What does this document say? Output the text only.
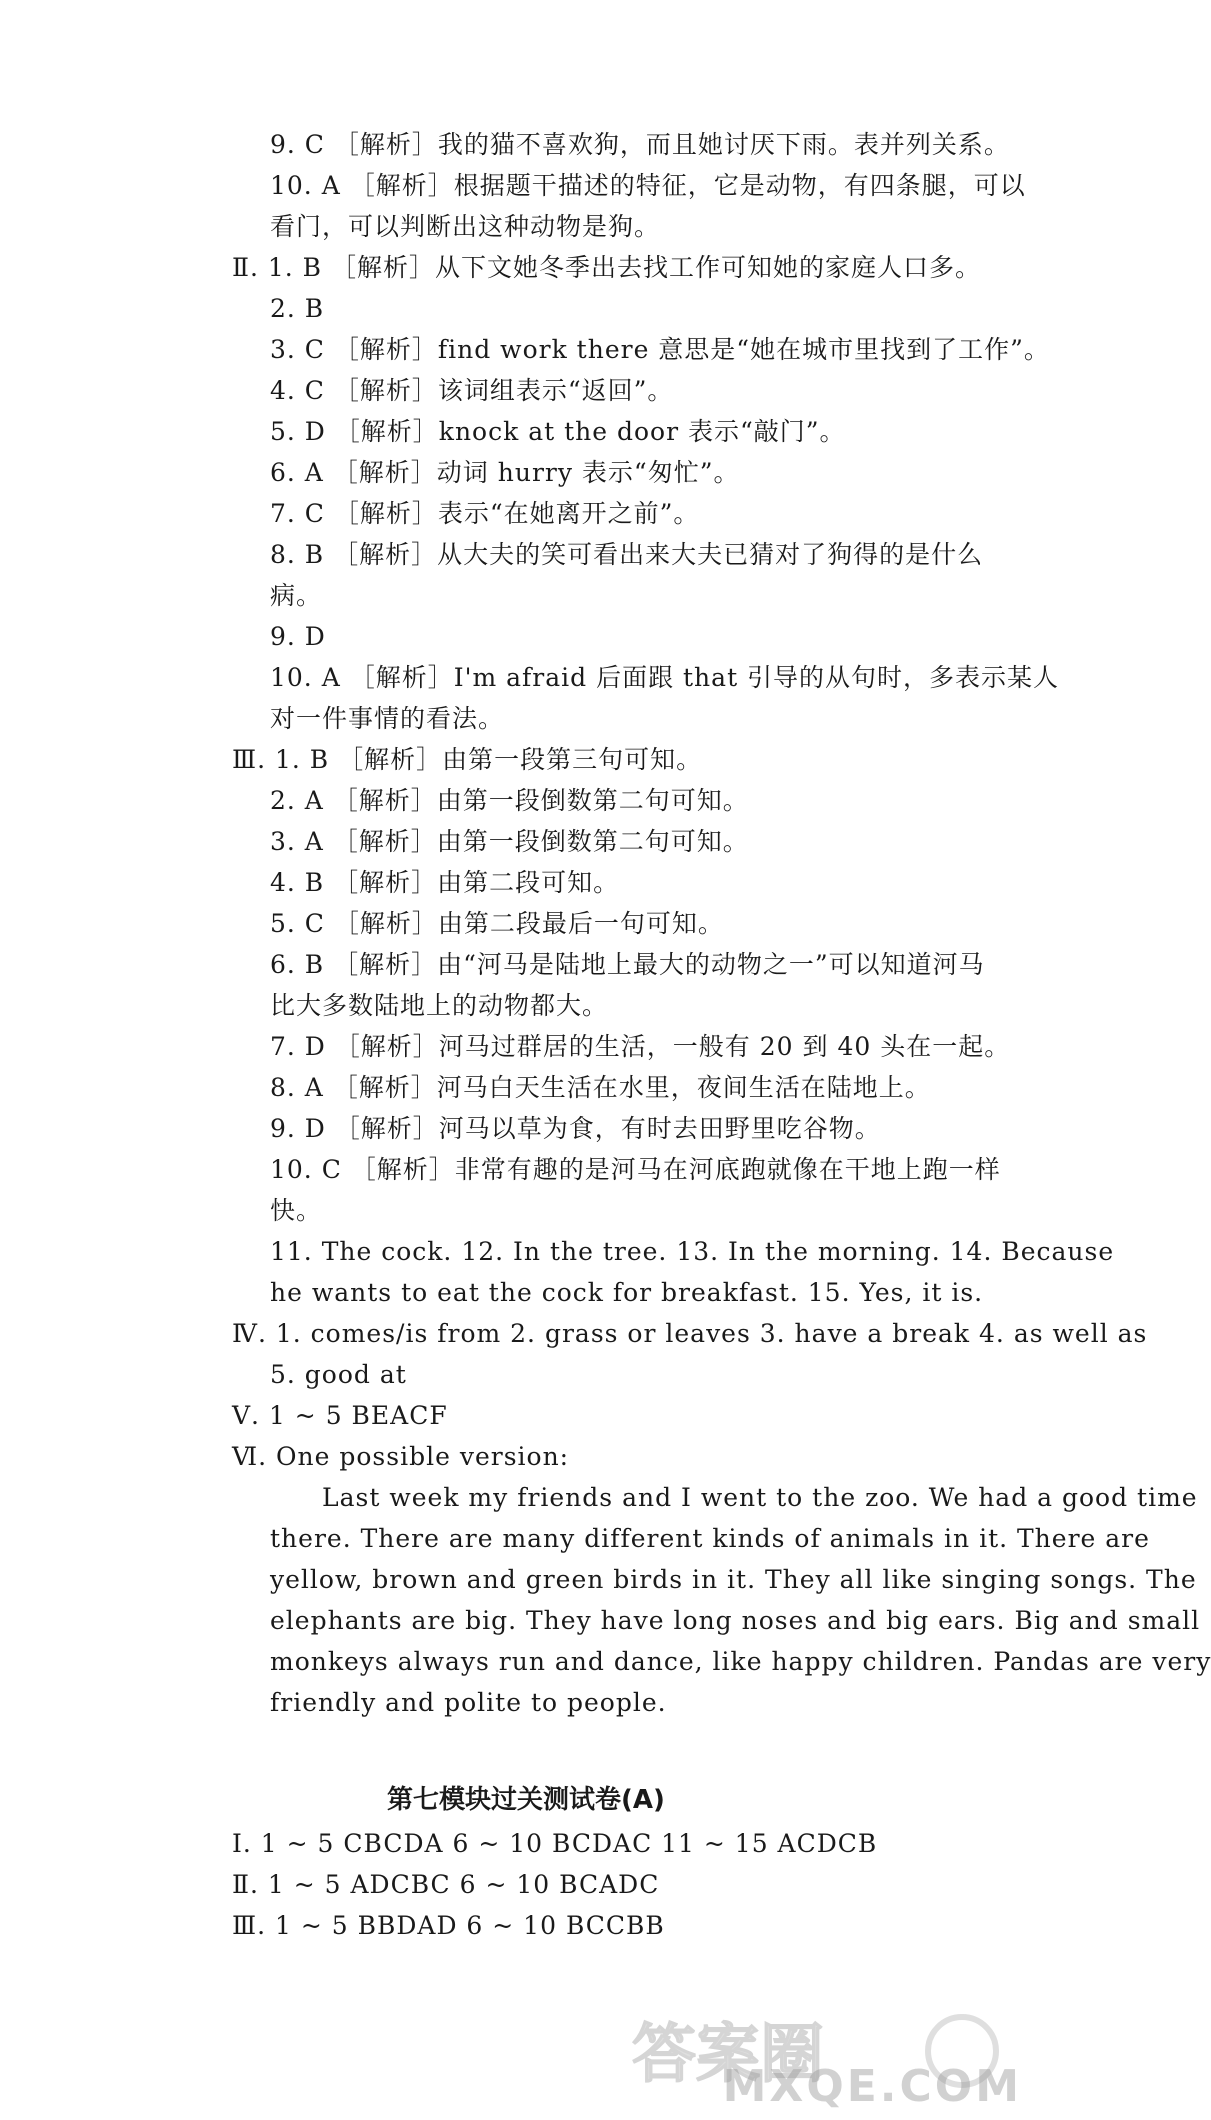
9. C ［解析］我的猫不喜欢狗，而且她讨厌下雨。表并列关系。
10. A ［解析］根据题干描述的特征，它是动物，有四条腿，可以
看门，可以判断出这种动物是狗。
Ⅱ. 1. B ［解析］从下文她冬季出去找工作可知她的家庭人口多。
2. B
3. C ［解析］find work there 意思是“她在城市里找到了工作”。
4. C ［解析］该词组表示“返回”。
5. D ［解析］knock at the door 表示“敲门”。
6. A ［解析］动词 hurry 表示“匆忙”。
7. C ［解析］表示“在她离开之前”。
8. B ［解析］从大夫的笑可看出来大夫已猜对了狗得的是什么
病。
9. D
10. A ［解析］I'm afraid 后面跟 that 引导的从句时，多表示某人
对一件事情的看法。
Ⅲ. 1. B ［解析］由第一段第三句可知。
2. A ［解析］由第一段倒数第二句可知。
3. A ［解析］由第一段倒数第二句可知。
4. B ［解析］由第二段可知。
5. C ［解析］由第二段最后一句可知。
6. B ［解析］由“河马是陆地上最大的动物之一”可以知道河马
比大多数陆地上的动物都大。
7. D ［解析］河马过群居的生活，一般有 20 到 40 头在一起。
8. A ［解析］河马白天生活在水里，夜间生活在陆地上。
9. D ［解析］河马以草为食，有时去田野里吃谷物。
10. C ［解析］非常有趣的是河马在河底跑就像在干地上跑一样
快。
11. The cock. 12. In the tree. 13. In the morning. 14. Because
he wants to eat the cock for breakfast. 15. Yes, it is.
Ⅳ. 1. comes/is from 2. grass or leaves 3. have a break 4. as well as
5. good at
Ⅴ. 1 ~ 5 BEACF
Ⅵ. One possible version:
Last week my friends and I went to the zoo. We had a good time
there. There are many different kinds of animals in it. There are
yellow, brown and green birds in it. They all like singing songs. The
elephants are big. They have long noses and big ears. Big and small
monkeys always run and dance, like happy children. Pandas are very
friendly and polite to people.
第七模块过关测试卷(A)
Ⅰ. 1 ~ 5 CBCDA 6 ~ 10 BCDAC 11 ~ 15 ACDCB
Ⅱ. 1 ~ 5 ADCBC 6 ~ 10 BCADC
Ⅲ. 1 ~ 5 BBDAD 6 ~ 10 BCCBB
答案圈
MXQE.COM
